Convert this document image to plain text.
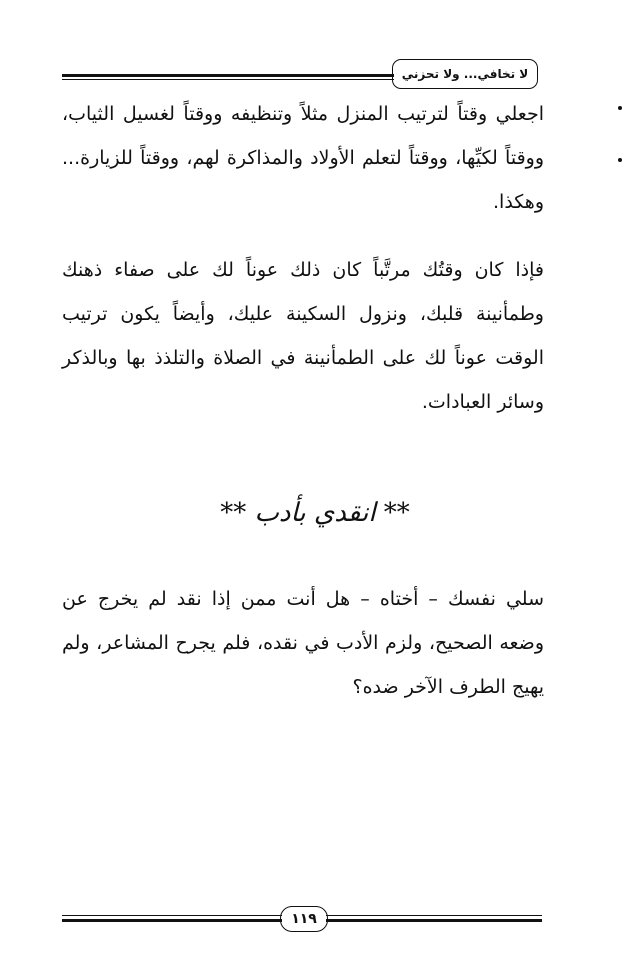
لا تخافي... ولا تحزني

اجعلي وقتاً لترتيب المنزل مثلاً وتنظيفه ووقتاً لغسيل الثياب، ووقتاً لكيِّها، ووقتاً لتعلم الأولاد والمذاكرة لهم، ووقتاً للزيارة... وهكذا.

فإذا كان وقتُك مرتَّباً كان ذلك عوناً لك على صفاء ذهنك وطمأنينة قلبك، ونزول السكينة عليك، وأيضاً يكون ترتيب الوقت عوناً لك على الطمأنينة في الصلاة والتلذذ بها وبالذكر وسائر العبادات.

** انقدي بأدب **

سلي نفسك – أختاه – هل أنت ممن إذا نقد لم يخرج عن وضعه الصحيح، ولزم الأدب في نقده، فلم يجرح المشاعر، ولم يهيج الطرف الآخر ضده؟

١١٩
